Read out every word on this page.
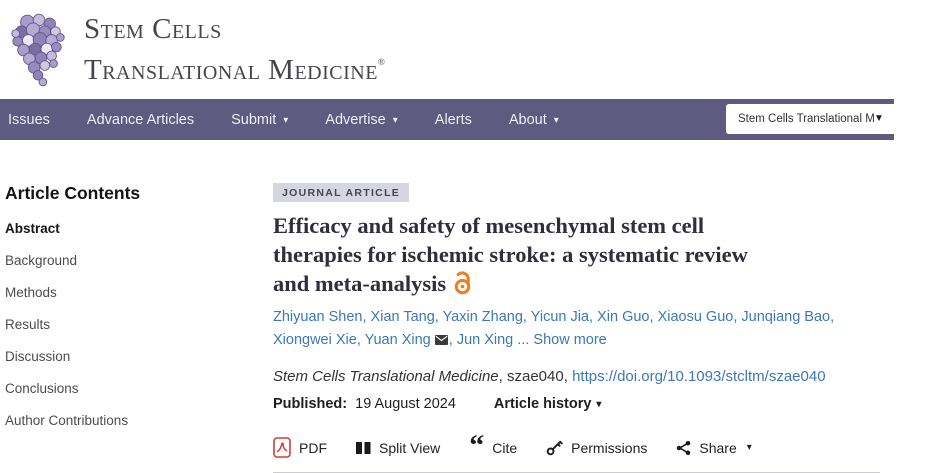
Stem Cells
Translational Medicine®
Issues	Advance Articles	Submit ▾	Advertise ▾	Alerts	About ▾	Stem Cells Translational M ▼
Article Contents
Abstract
Background
Methods
Results
Discussion
Conclusions
Author Contributions
JOURNAL ARTICLE
Efficacy and safety of mesenchymal stem cell
therapies for ischemic stroke: a systematic review
and meta-analysis
Zhiyuan Shen, Xian Tang, Yaxin Zhang, Yicun Jia, Xin Guo, Xiaosu Guo, Junqiang Bao, Xiongwei Xie, Yuan Xing , Jun Xing ... Show more

Stem Cells Translational Medicine, szae040, https://doi.org/10.1093/stcltm/szae040

Published: 19 August 2024	Article history ▾
PDF	Split View “ Cite	Permissions	Share ▾
